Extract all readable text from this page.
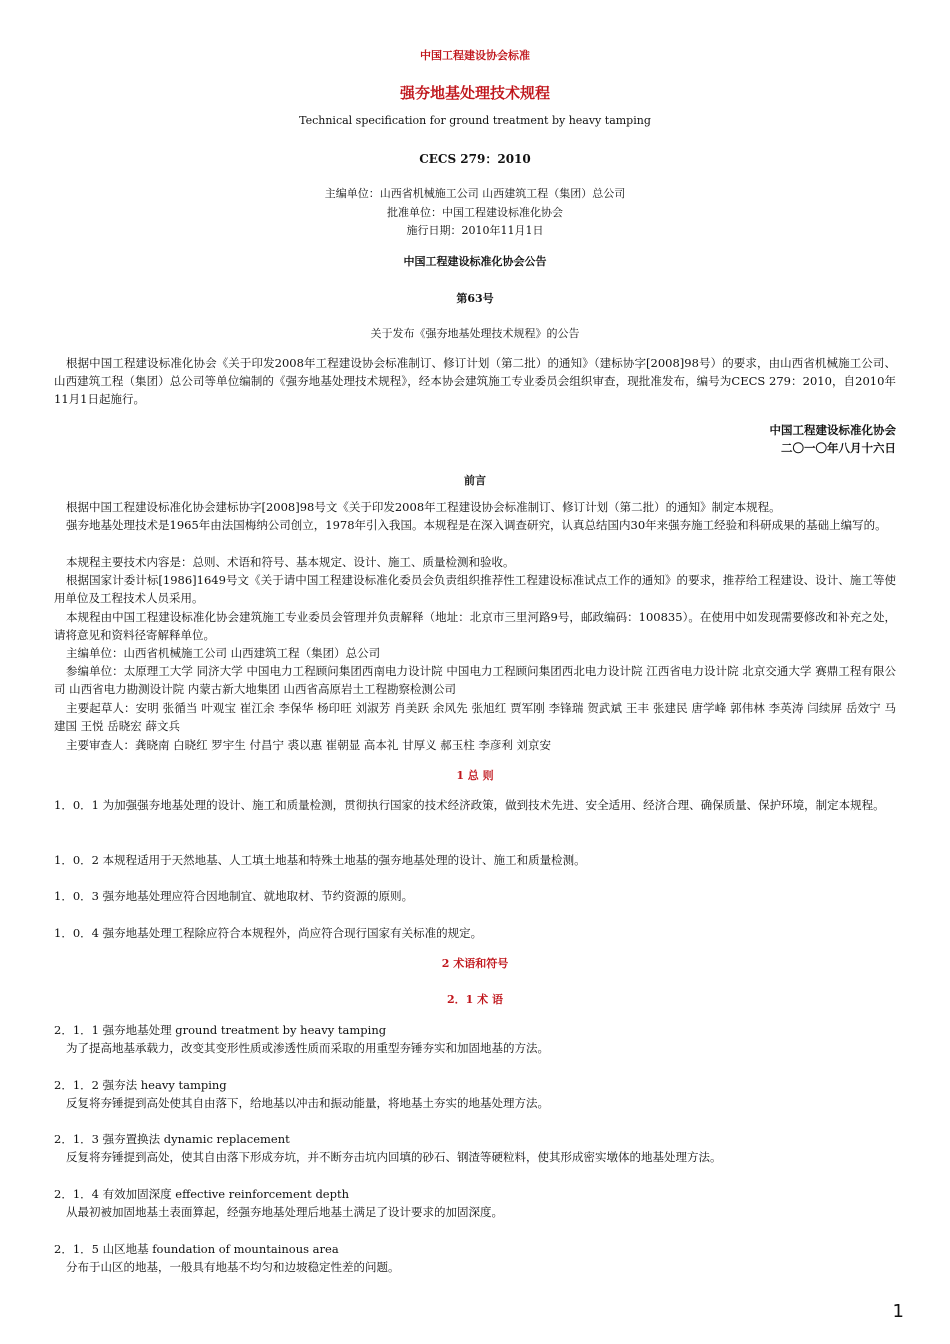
中国工程建设协会标准
强夯地基处理技术规程
Technical specification for ground treatment by heavy tamping
CECS 279：2010
主编单位：山西省机械施工公司 山西建筑工程（集团）总公司
批准单位：中国工程建设标准化协会
施行日期：2010年11月1日
中国工程建设标准化协会公告
第63号
关于发布《强夯地基处理技术规程》的公告
根据中国工程建设标准化协会《关于印发2008年工程建设协会标准制订、修订计划（第二批）的通知》（建标协字[2008]98号）的要求，由山西省机械施工公司、山西建筑工程（集团）总公司等单位编制的《强夯地基处理技术规程》，经本协会建筑施工专业委员会组织审查，现批准发布，编号为CECS 279：2010，自2010年11月1日起施行。
中国工程建设标准化协会
二〇一〇年八月十六日
前言
根据中国工程建设标准化协会建标协字[2008]98号文《关于印发2008年工程建设协会标准制订、修订计划（第二批）的通知》制定本规程。
强夯地基处理技术是1965年由法国梅纳公司创立，1978年引入我国。本规程是在深入调查研究，认真总结国内30年来强夯施工经验和科研成果的基础上编写的。
本规程主要技术内容是：总则、术语和符号、基本规定、设计、施工、质量检测和验收。
根据国家计委计标[1986]1649号文《关于请中国工程建设标准化委员会负责组织推荐性工程建设标准试点工作的通知》的要求，推荐给工程建设、设计、施工等使用单位及工程技术人员采用。
本规程由中国工程建设标准化协会建筑施工专业委员会管理并负责解释（地址：北京市三里河路9号，邮政编码：100835）。在使用中如发现需要修改和补充之处，请将意见和资料径寄解释单位。
主编单位：山西省机械施工公司 山西建筑工程（集团）总公司
参编单位：太原理工大学 同济大学 中国电力工程顾问集团西南电力设计院 中国电力工程顾问集团西北电力设计院 江西省电力设计院 北京交通大学 赛鼎工程有限公司 山西省电力勘测设计院 内蒙古新大地集团 山西省高原岩土工程勘察检测公司
主要起草人：安明 张循当 叶观宝 崔江余 李保华 杨印旺 刘淑芳 肖美跃 余风先 张旭红 贾军刚 李锋瑞 贺武斌 王丰 张建民 唐学峰 郭伟林 李英涛 闫续屏 岳效宁 马建国 王悦 岳晓宏 薛文兵
主要审查人：龚晓南 白晓红 罗宇生 付昌宁 裘以惠 崔朝显 高本礼 甘厚义 郝玉柱 李彦利 刘京安
1 总 则
1．0．1 为加强强夯地基处理的设计、施工和质量检测，贯彻执行国家的技术经济政策，做到技术先进、安全适用、经济合理、确保质量、保护环境，制定本规程。
1．0．2 本规程适用于天然地基、人工填土地基和特殊土地基的强夯地基处理的设计、施工和质量检测。
1．0．3 强夯地基处理应符合因地制宜、就地取材、节约资源的原则。
1．0．4 强夯地基处理工程除应符合本规程外，尚应符合现行国家有关标准的规定。
2 术语和符号
2．1 术 语
2．1．1 强夯地基处理 ground treatment by heavy tamping
为了提高地基承载力，改变其变形性质或渗透性质而采取的用重型夯锤夯实和加固地基的方法。
2．1．2 强夯法 heavy tamping
反复将夯锤提到高处使其自由落下，给地基以冲击和振动能量，将地基土夯实的地基处理方法。
2．1．3 强夯置换法 dynamic replacement
反复将夯锤提到高处，使其自由落下形成夯坑，并不断夯击坑内回填的砂石、钢渣等硬粒料，使其形成密实墩体的地基处理方法。
2．1．4 有效加固深度 effective reinforcement depth
从最初被加固地基土表面算起，经强夯地基处理后地基土满足了设计要求的加固深度。
2．1．5 山区地基 foundation of mountainous area
分布于山区的地基，一般具有地基不均匀和边坡稳定性差的问题。
1
